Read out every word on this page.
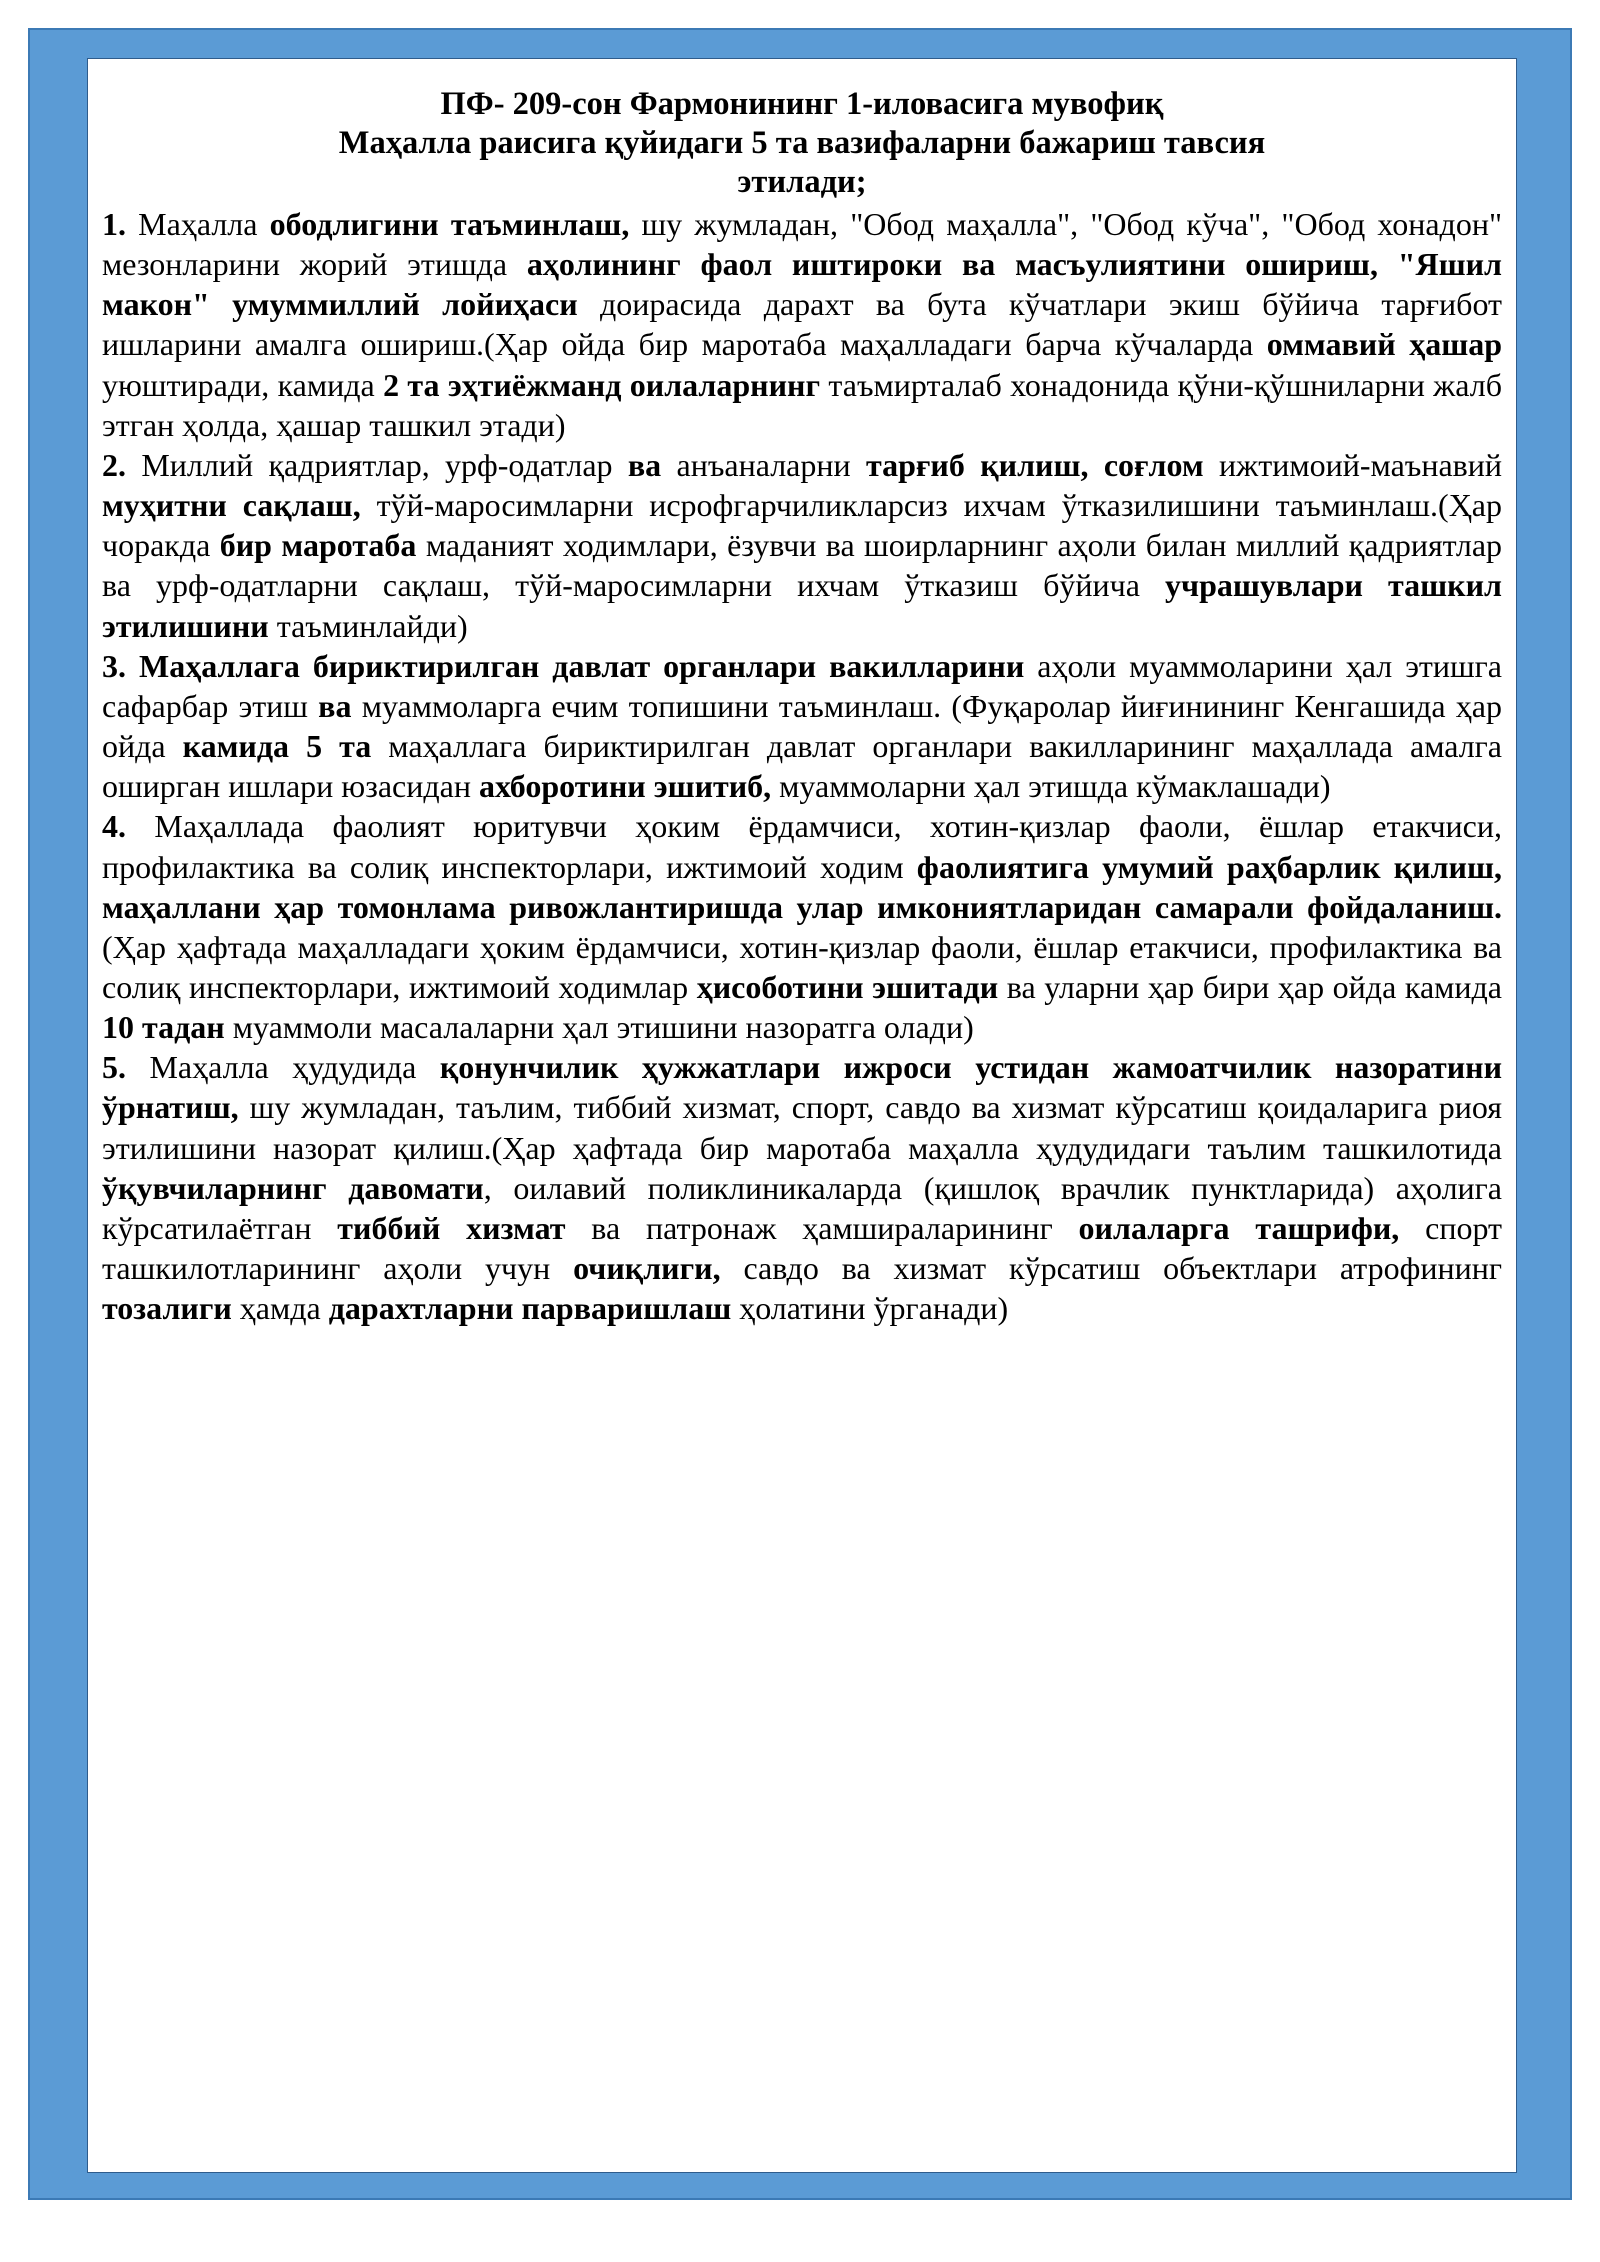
ПФ- 209-сон Фармонининг 1-иловасига мувофиқ
Маҳалла раисига қуйидаги 5 та вазифаларни бажариш тавсия
этилади;
1. Маҳалла ободлигини таъминлаш, шу жумладан, "Обод маҳалла", "Обод кўча", "Обод хонадон" мезонларини жорий этишда аҳолининг фаол иштироки ва масъулиятини ошириш, "Яшил макон" умуммиллий лойиҳаси доирасида дарахт ва бута кўчатлари экиш бўйича тарғибот ишларини амалга ошириш.(Ҳар ойда бир маротаба маҳалладаги барча кўчаларда оммавий ҳашар уюштиради, камида 2 та эҳтиёжманд оилаларнинг таъмирталаб хонадонида қўни-қўшниларни жалб этган ҳолда, ҳашар ташкил этади)
2. Миллий қадриятлар, урф-одатлар ва анъаналарни тарғиб қилиш, соғлом ижтимоий-маънавий муҳитни сақлаш, тўй-маросимларни исрофгарчиликларсиз ихчам ўтказилишини таъминлаш.(Ҳар чоракда бир маротаба маданият ходимлари, ёзувчи ва шоирларнинг аҳоли билан миллий қадриятлар ва урф-одатларни сақлаш, тўй-маросимларни ихчам ўтказиш бўйича учрашувлари ташкил этилишини таъминлайди)
3. Маҳаллага бириктирилган давлат органлари вакилларини аҳоли муаммоларини ҳал этишга сафарбар этиш ва муаммоларга ечим топишини таъминлаш. (Фуқаролар йиғинининг Кенгашида ҳар ойда камида 5 та маҳаллага бириктирилган давлат органлари вакилларининг маҳаллада амалга оширган ишлари юзасидан ахборотини эшитиб, муаммоларни ҳал этишда кўмаклашади)
4. Маҳаллада фаолият юритувчи ҳоким ёрдамчиси, хотин-қизлар фаоли, ёшлар етакчиси, профилактика ва солиқ инспекторлари, ижтимоий ходим фаолиятига умумий раҳбарлик қилиш, маҳаллани ҳар томонлама ривожлантиришда улар имкониятларидан самарали фойдаланиш. (Ҳар ҳафтада маҳалладаги ҳоким ёрдамчиси, хотин-қизлар фаоли, ёшлар етакчиси, профилактика ва солиқ инспекторлари, ижтимоий ходимлар ҳисоботини эшитади ва уларни ҳар бири ҳар ойда камида 10 тадан муаммоли масалаларни ҳал этишини назоратга олади)
5. Маҳалла ҳудудида қонунчилик ҳужжатлари ижроси устидан жамоатчилик назоратини ўрнатиш, шу жумладан, таълим, тиббий хизмат, спорт, савдо ва хизмат кўрсатиш қоидаларига риоя этилишини назорат қилиш.(Ҳар ҳафтада бир маротаба маҳалла ҳудудидаги таълим ташкилотида ўқувчиларнинг давомати, оилавий поликлиникаларда (қишлоқ врачлик пунктларида) аҳолига кўрсатилаётган тиббий хизмат ва патронаж ҳамшираларининг оилаларга ташрифи, спорт ташкилотларининг аҳоли учун очиқлиги, савдо ва хизмат кўрсатиш объектлари атрофининг тозалиги ҳамда дарахтларни парваришлаш ҳолатини ўрганади)
